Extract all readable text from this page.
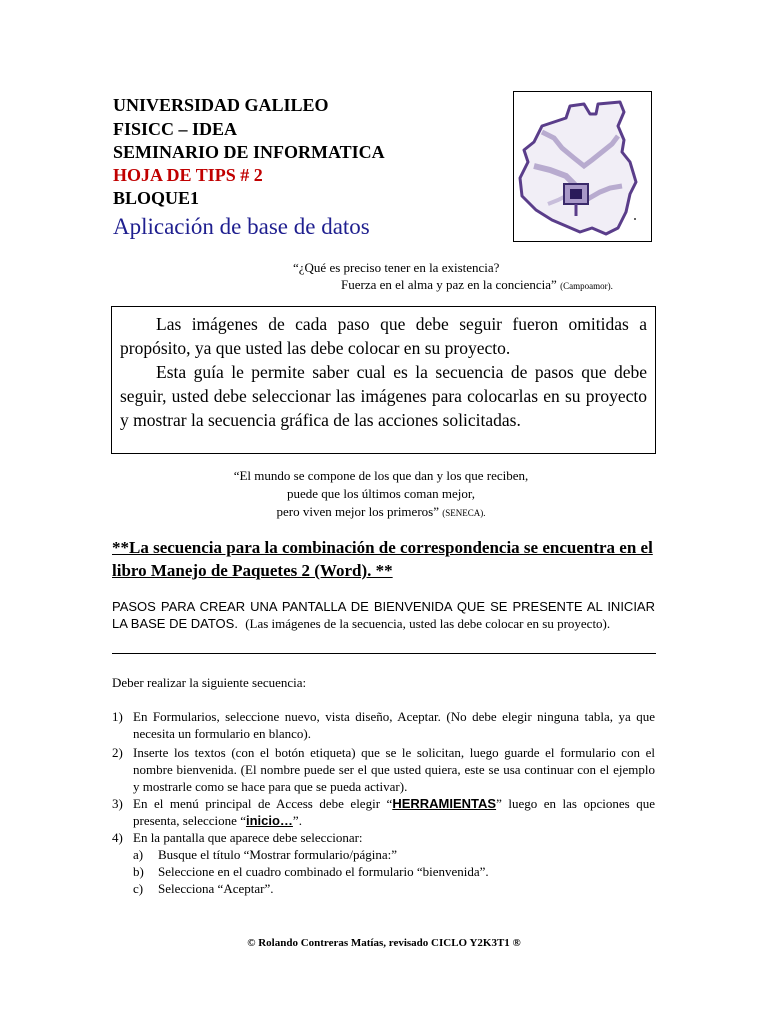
UNIVERSIDAD GALILEO
FISICC – IDEA
SEMINARIO DE INFORMATICA
HOJA DE TIPS # 2
BLOQUE1
Aplicación de base de datos
“¿Qué es preciso tener en la existencia?
Fuerza en el alma y paz en la conciencia” (Campoamor).

Las imágenes de cada paso que debe seguir fueron omitidas a propósito, ya que usted las debe colocar en su proyecto.

Esta guía le permite saber cual es la secuencia de pasos que debe seguir, usted debe seleccionar las imágenes para colocarlas en su proyecto y mostrar la secuencia gráfica de las acciones solicitadas.

“El mundo se compone de los que dan y los que reciben,
puede que los últimos coman mejor,
pero viven mejor los primeros” (SENECA).
**La secuencia para la combinación de correspondencia se encuentra en el libro Manejo de Paquetes 2 (Word). **
PASOS PARA CREAR UNA PANTALLA DE BIENVENIDA QUE SE PRESENTE AL INICIAR LA BASE DE DATOS. (Las imágenes de la secuencia, usted las debe colocar en su proyecto).
Deber realizar la siguiente secuencia:
1) En Formularios, seleccione nuevo, vista diseño, Aceptar. (No debe elegir ninguna tabla, ya que necesita un formulario en blanco).
2) Inserte los textos (con el botón etiqueta) que se le solicitan, luego guarde el formulario con el nombre bienvenida. (El nombre puede ser el que usted quiera, este se usa continuar con el ejemplo y mostrarle como se hace para que se pueda activar).
3) En el menú principal de Access debe elegir “HERRAMIENTAS” luego en las opciones que presenta, seleccione “inicio…”.
4) En la pantalla que aparece debe seleccionar:
a) Busque el título “Mostrar formulario/página:”
b) Seleccione en el cuadro combinado el formulario “bienvenida”.
c) Selecciona “Aceptar”.
© Rolando Contreras Matías, revisado CICLO Y2K3T1 ®
